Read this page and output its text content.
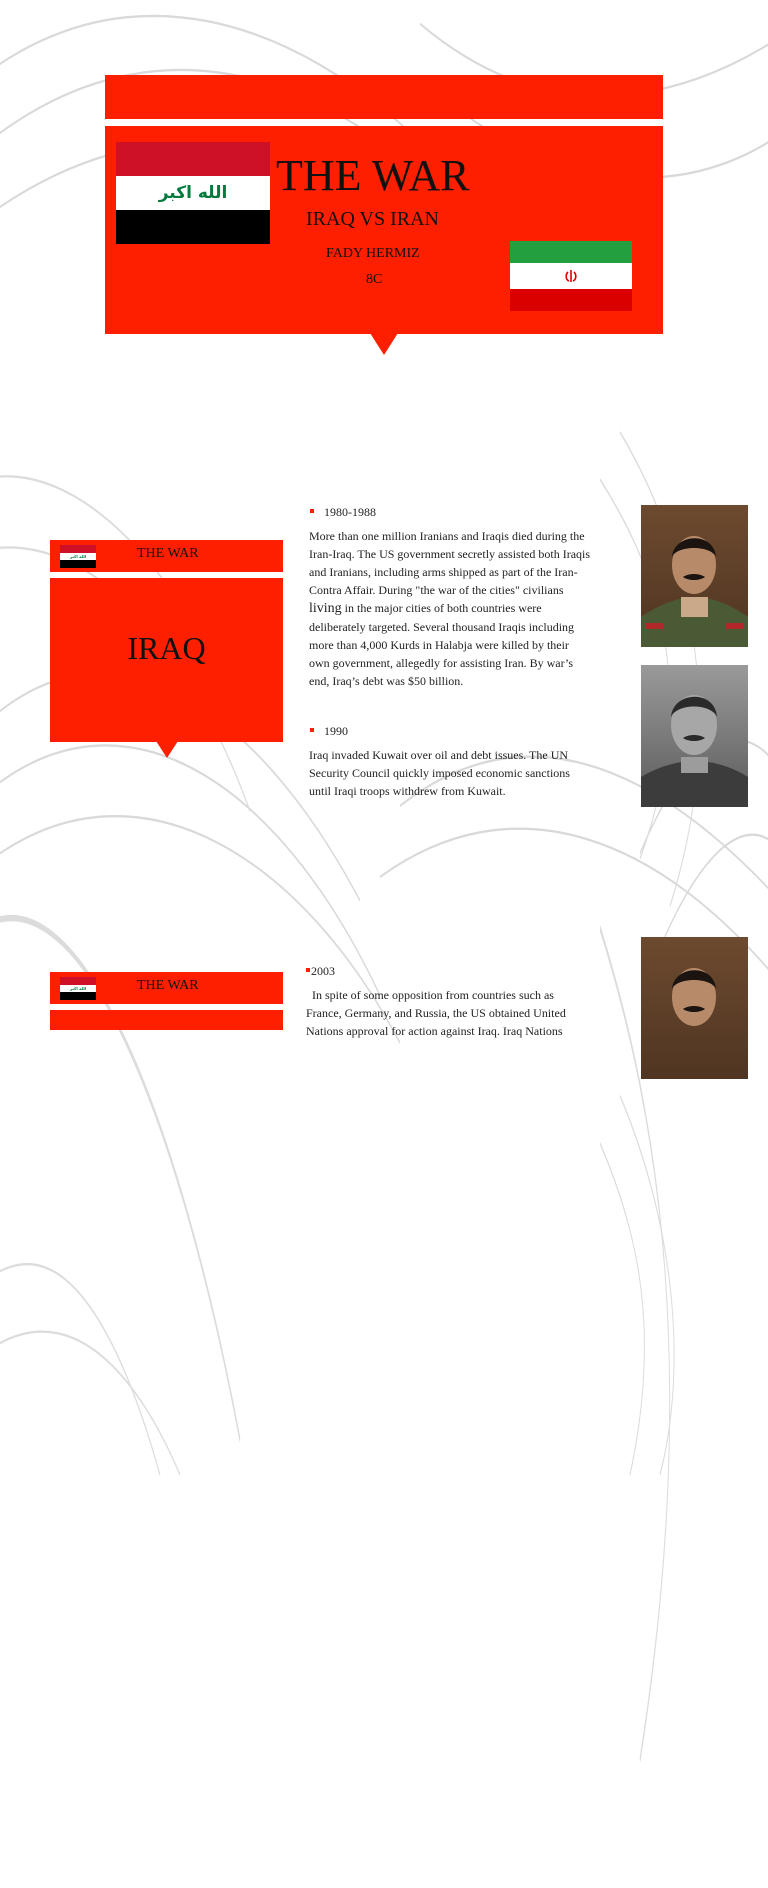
الله اكبر THE WAR
IRAQ VS IRAN
FADY HERMIZ
8C
الله اكبر	THE WAR
IRAQ
1980-1988
More than one million Iranians and Iraqis died during the Iran-Iraq. The US government secretly assisted both Iraqis and Iranians, including arms shipped as part of the Iran-Contra Affair. During "the war of the cities" civilians living in the major cities of both countries were deliberately targeted. Several thousand Iraqis including more than 4,000 Kurds in Halabja were killed by their own government, allegedly for assisting Iran. By war’s end, Iraq’s debt was $50 billion.
1990
Iraq invaded Kuwait over oil and debt issues. The UN Security Council quickly imposed economic sanctions until Iraqi troops withdrew from Kuwait.
الله اكبر	THE WAR
2003
In spite of some opposition from countries such as France, Germany, and Russia, the US obtained United Nations approval for action against Iraq. Iraq Nations
